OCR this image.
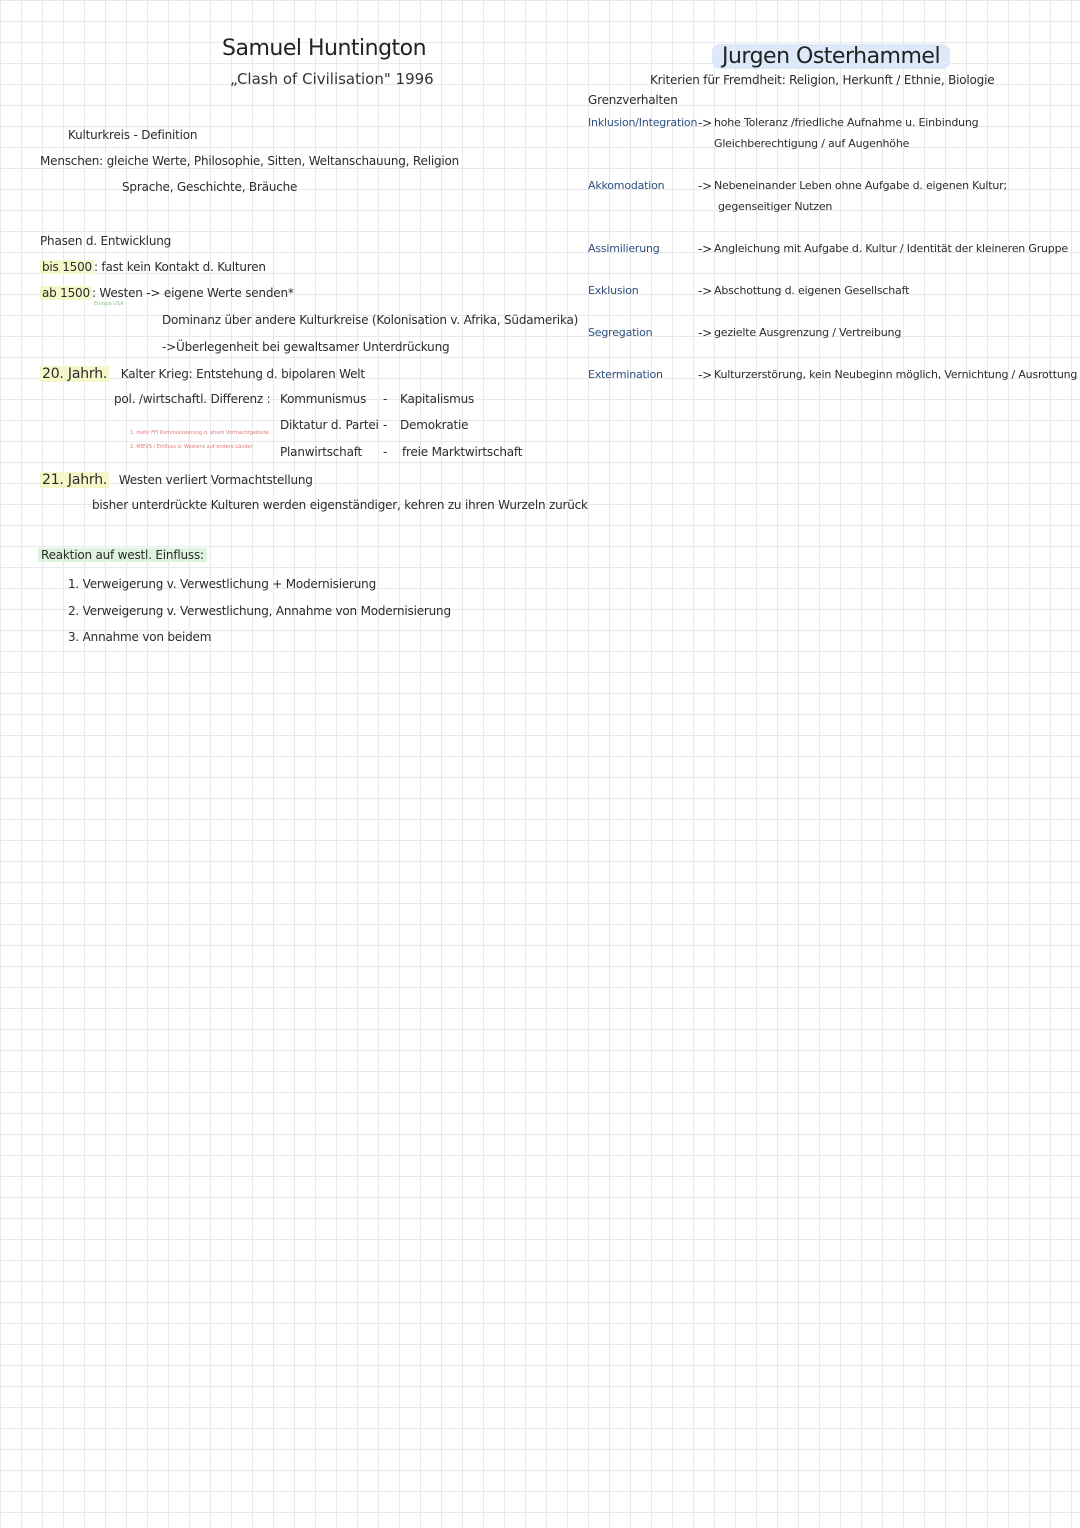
Samuel Huntington
„Clash of Civilisation" 1996
Kulturkreis - Definition
Menschen: gleiche Werte, Philosophie, Sitten, Weltanschauung, Religion
Sprache, Geschichte, Bräuche
Phasen d. Entwicklung
bis 1500 : fast kein Kontakt d. Kulturen
ab 1500 : Westen -> eigene Werte senden*
Europa USA
Dominanz über andere Kulturkreise (Kolonisation v. Afrika, Südamerika)
->Überlegenheit bei gewaltsamer Unterdrückung
20. Jahrh. Kalter Krieg: Entstehung d. bipolaren Welt
pol. /wirtschaftl. Differenz :
1. mehr FFI Kommunisierung d. ehem Vormachtgebiete
2. MIEVS / Einfluss d. Westens auf andere Länder
Kommunismus - Kapitalismus
Diktatur d. Partei - Demokratie
Planwirtschaft - freie Marktwirtschaft
21. Jahrh. Westen verliert Vormachtstellung
bisher unterdrückte Kulturen werden eigenständiger, kehren zu ihren Wurzeln zurück
Reaktion auf westl. Einfluss:
1. Verweigerung v. Verwestlichung + Modernisierung
2. Verweigerung v. Verwestlichung, Annahme von Modernisierung
3. Annahme von beidem
Jurgen Osterhammel
Kriterien für Fremdheit: Religion, Herkunft / Ethnie, Biologie
Grenzverhalten
Inklusion/Integration -> hohe Toleranz /friedliche Aufnahme u. Einbindung
Gleichberechtigung / auf Augenhöhe
Akkomodation	-> Nebeneinander Leben ohne Aufgabe d. eigenen Kultur;
gegenseitiger Nutzen
Assimilierung	-> Angleichung mit Aufgabe d. Kultur / Identität der kleineren Gruppe
Exklusion	-> Abschottung d. eigenen Gesellschaft
Segregation	-> gezielte Ausgrenzung / Vertreibung
Extermination	-> Kulturzerstörung, kein Neubeginn möglich, Vernichtung / Ausrottung
